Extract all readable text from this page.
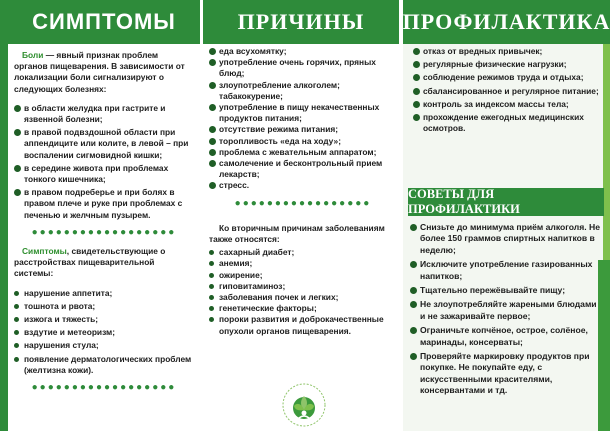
СИМПТОМЫ	ПРИЧИНЫ	ПРОФИЛАКТИКА

Боли — явный признак проблем органов пищеварения. В зависимости от локализации боли сигнализируют о следующих болезнях:

в области желудка при гастрите и язвенной болезни;
в правой подвздошной области при аппендиците или колите, в левой – при воспалении сигмовидной кишки;
в середине живота при проблемах тонкого кишечника;
в правом подреберье и при болях в правом плече и руке при проблемах с печенью и желчным пузырем.
●●●●●●●●●●●●●●●●●●

Симптомы, свидетельствующие о расстройствах пищеварительной системы:

нарушение аппетита;
тошнота и рвота;
изжога и тяжесть;
вздутие и метеоризм;
нарушения стула;
появление дерматологических проблем (желтизна кожи).
●●●●●●●●●●●●●●●●●●
еда всухомятку;
употребление очень горячих, пряных блюд;
злоупотребление алкоголем; табакокурение;
употребление в пищу некачественных продуктов питания;
отсутствие режима питания;
торопливость «еда на ходу»;
проблема с жевательным аппаратом;
самолечение и бесконтрольный прием лекарств;
стресс.
●●●●●●●●●●●●●●●●●

Ко вторичным причинам заболеваниям также относятся:

сахарный диабет;
анемия;
ожирение;
гиповитаминоз;
заболевания почек и легких;
генетические факторы;
пороки развития и доброкачественные опухоли органов пищеварения.
отказ от вредных привычек;
регулярные физические нагрузки;
соблюдение режимов труда и отдыха;
сбалансированное и регулярное питание;
контроль за индексом массы тела;
прохождение ежегодных медицинских осмотров.
СОВЕТЫ ДЛЯ ПРОФИЛАКТИКИ
Снизьте до минимума приём алкоголя. Не более 150 граммов спиртных напитков в неделю;
Исключите употребление газированных напитков;
Тщательно пережёвывайте пищу;
Не злоупотребляйте жареными блюдами и не зажаривайте первое;
Ограничьте копчёное, острое, солёное, маринады, консерваты;
Проверяйте маркировку продуктов при покупке. Не покупайте еду, с искусственными красителями, консервантами и тд.
